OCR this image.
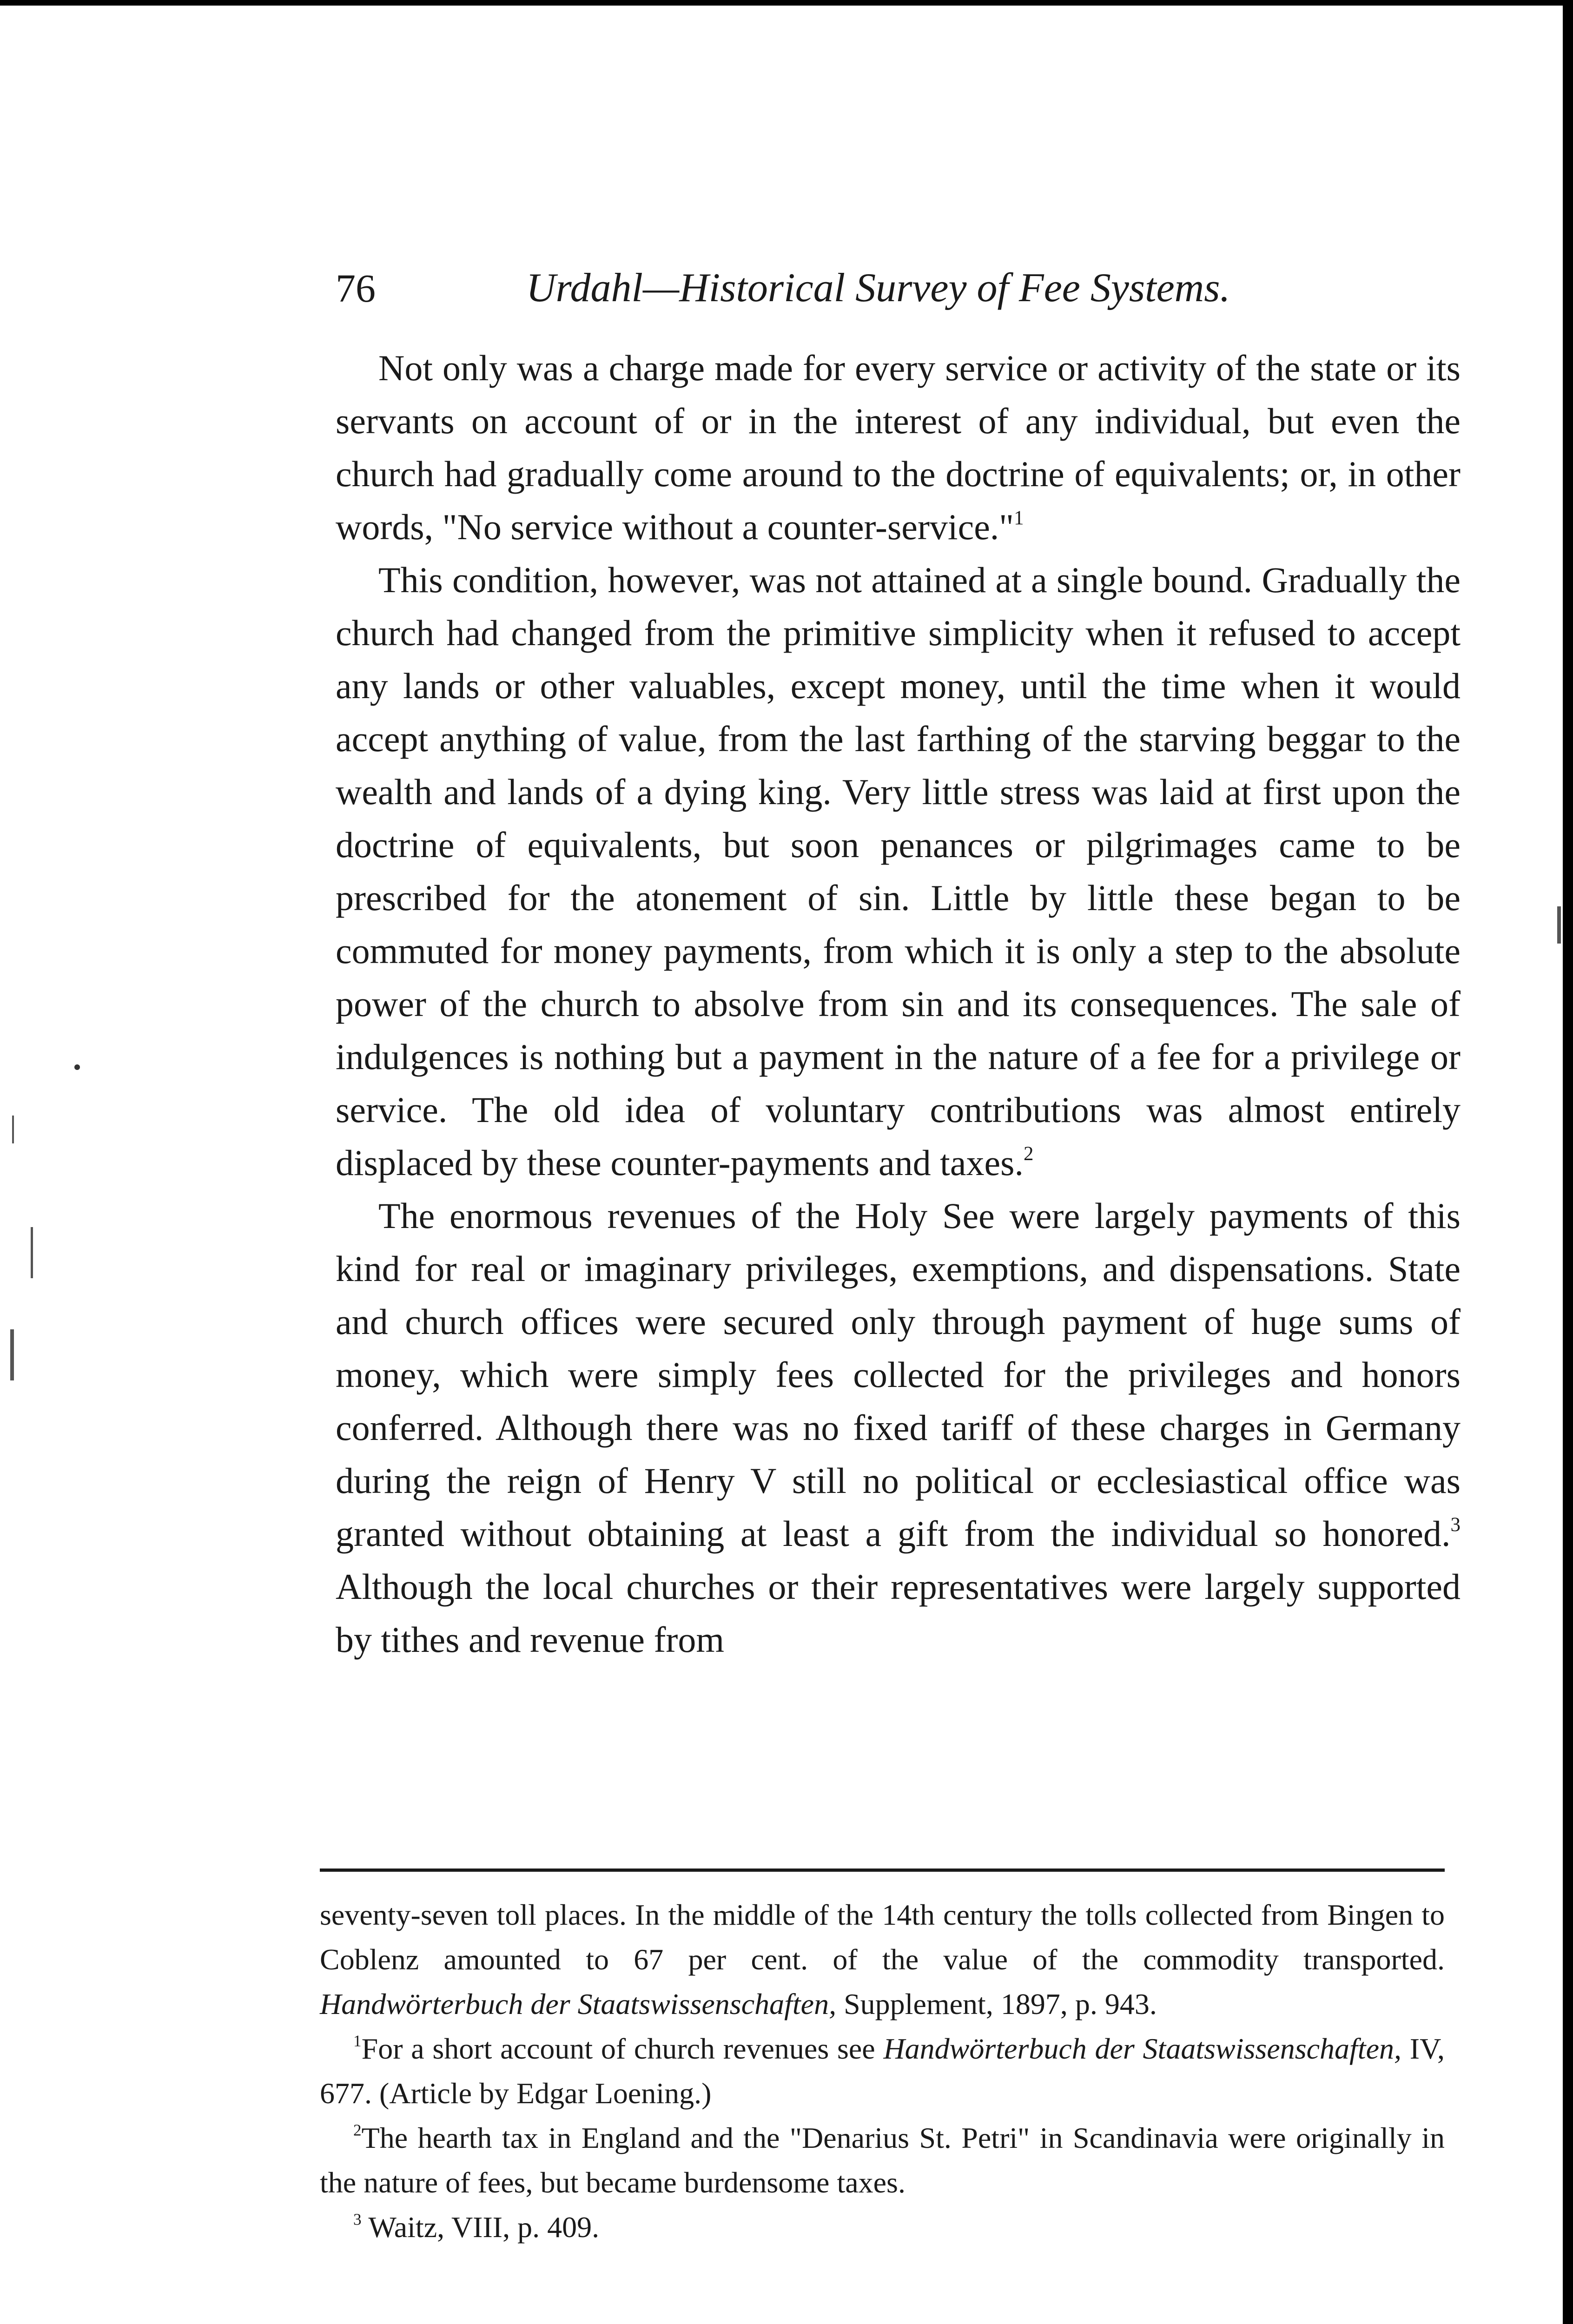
76	Urdahl—Historical Survey of Fee Systems.

Not only was a charge made for every service or activity of the state or its servants on account of or in the interest of any individual, but even the church had gradually come around to the doctrine of equivalents; or, in other words, "No service without a counter-service."$^1$

This condition, however, was not attained at a single bound. Gradually the church had changed from the primitive simplicity when it refused to accept any lands or other valuables, except money, until the time when it would accept anything of value, from the last farthing of the starving beggar to the wealth and lands of a dying king. Very little stress was laid at first upon the doctrine of equivalents, but soon penances or pilgrimages came to be prescribed for the atonement of sin. Little by little these began to be commuted for money payments, from which it is only a step to the absolute power of the church to absolve from sin and its consequences. The sale of indulgences is nothing but a payment in the nature of a fee for a privilege or service. The old idea of voluntary contributions was almost entirely displaced by these counter-payments and taxes.$^2$

The enormous revenues of the Holy See were largely payments of this kind for real or imaginary privileges, exemptions, and dispensations. State and church offices were secured only through payment of huge sums of money, which were simply fees collected for the privileges and honors conferred. Although there was no fixed tariff of these charges in Germany during the reign of Henry V still no political or ecclesiastical office was granted without obtaining at least a gift from the individual so honored.$^3$ Although the local churches or their representatives were largely supported by tithes and revenue from

seventy-seven toll places. In the middle of the 14th century the tolls collected from Bingen to Coblenz amounted to 67 per cent. of the value of the commodity transported. Handwörterbuch der Staatswissenschaften, Supplement, 1897, p. 943.

$^1$For a short account of church revenues see Handwörterbuch der Staatswissenschaften, IV, 677. (Article by Edgar Loening.)

$^2$The hearth tax in England and the "Denarius St. Petri" in Scandinavia were originally in the nature of fees, but became burdensome taxes.

$^3$ Waitz, VIII, p. 409.
